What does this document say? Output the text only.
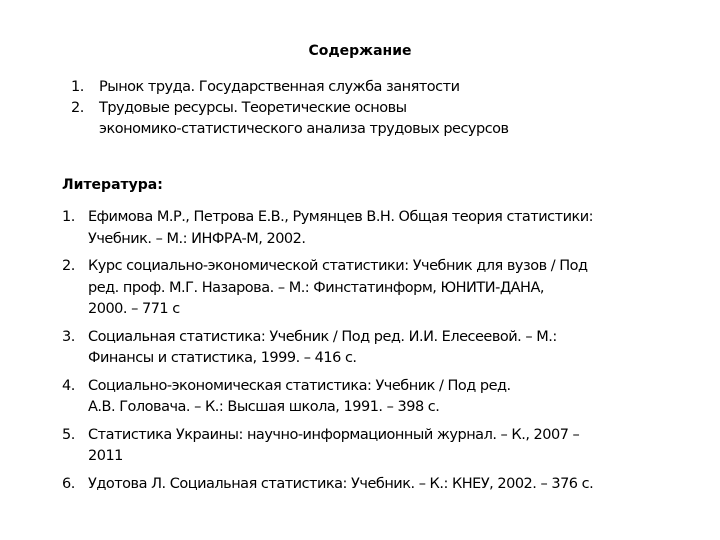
Содержание
1. Рынок труда. Государственная служба занятости
2. Трудовые ресурсы. Теоретические основы
экономико-статистического анализа трудовых ресурсов
Литература:
1. Ефимова М.Р., Петрова Е.В., Румянцев В.Н. Общая теория статистики:
Учебник. – М.: ИНФРА-М, 2002.
2. Курс социально-экономической статистики: Учебник для вузов / Под
ред. проф. М.Г. Назарова. – М.: Финстатинформ, ЮНИТИ-ДАНА,
2000. – 771 с
3. Социальная статистика: Учебник / Под ред. И.И. Елесеевой. – М.:
Финансы и статистика, 1999. – 416 с.
4. Социально-экономическая статистика: Учебник / Под ред.
А.В. Головача. – К.: Высшая школа, 1991. – 398 с.
5. Статистика Украины: научно-информационный журнал. – К., 2007 –
2011
6. Удотова Л. Социальная статистика: Учебник. – К.: КНЕУ, 2002. – 376 с.
